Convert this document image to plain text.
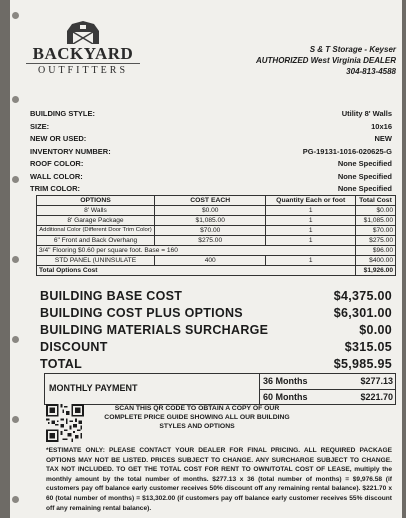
BACKYARD
OUTFITTERS
S & T Storage - Keyser
AUTHORIZED West Virginia DEALER
304-813-4588
BUILDING STYLE:	Utility 8' Walls
SIZE:	10x16
NEW OR USED:	NEW
INVENTORY NUMBER:	PG-19131-1016-020625-G
ROOF COLOR:	None Specified
WALL COLOR:	None Specified
TRIM COLOR:	None Specified
OPTIONS	COST EACH	Quantity Each or foot	Total Cost
8' Walls	$0.00	1	$0.00
8' Garage Package	$1,085.00	1	$1,085.00
Additional Color (Different Door Trim Color)	$70.00	1	$70.00
6" Front and Back Overhang	$275.00	1	$275.00
3/4" Flooring $0.60 per square foot. Base = 160			$96.00
STD PANEL (UNINSULATE	400	1	$400.00
Total Options Cost			$1,926.00
BUILDING BASE COST	$4,375.00
BUILDING COST PLUS OPTIONS	$6,301.00
BUILDING MATERIALS SURCHARGE	$0.00
DISCOUNT	$315.05
TOTAL	$5,985.95
MONTHLY PAYMENT
36 Months	$277.13
60 Months	$221.70
SCAN THIS QR CODE TO OBTAIN A COPY OF OUR COMPLETE PRICE GUIDE SHOWING ALL OUR BUILDING STYLES AND OPTIONS
*ESTIMATE ONLY: PLEASE CONTACT YOUR DEALER FOR FINAL PRICING. ALL REQUIRED PACKAGE OPTIONS MAY NOT BE LISTED. PRICES SUBJECT TO CHANGE. ANY SURCHARGE SUBJECT TO CHANGE. TAX NOT INCLUDED. TO GET THE TOTAL COST FOR RENT TO OWN/TOTAL COST OF LEASE, multiply the monthly amount by the total number of months. $277.13 x 36 (total number of months) = $9,976.58 (if customers pay off balance early customer receives 50% discount off any remaining rental balance). $221.70 x 60 (total number of months) = $13,302.00 (if customers pay off balance early customer receives 55% discount off any remaining rental balance).
